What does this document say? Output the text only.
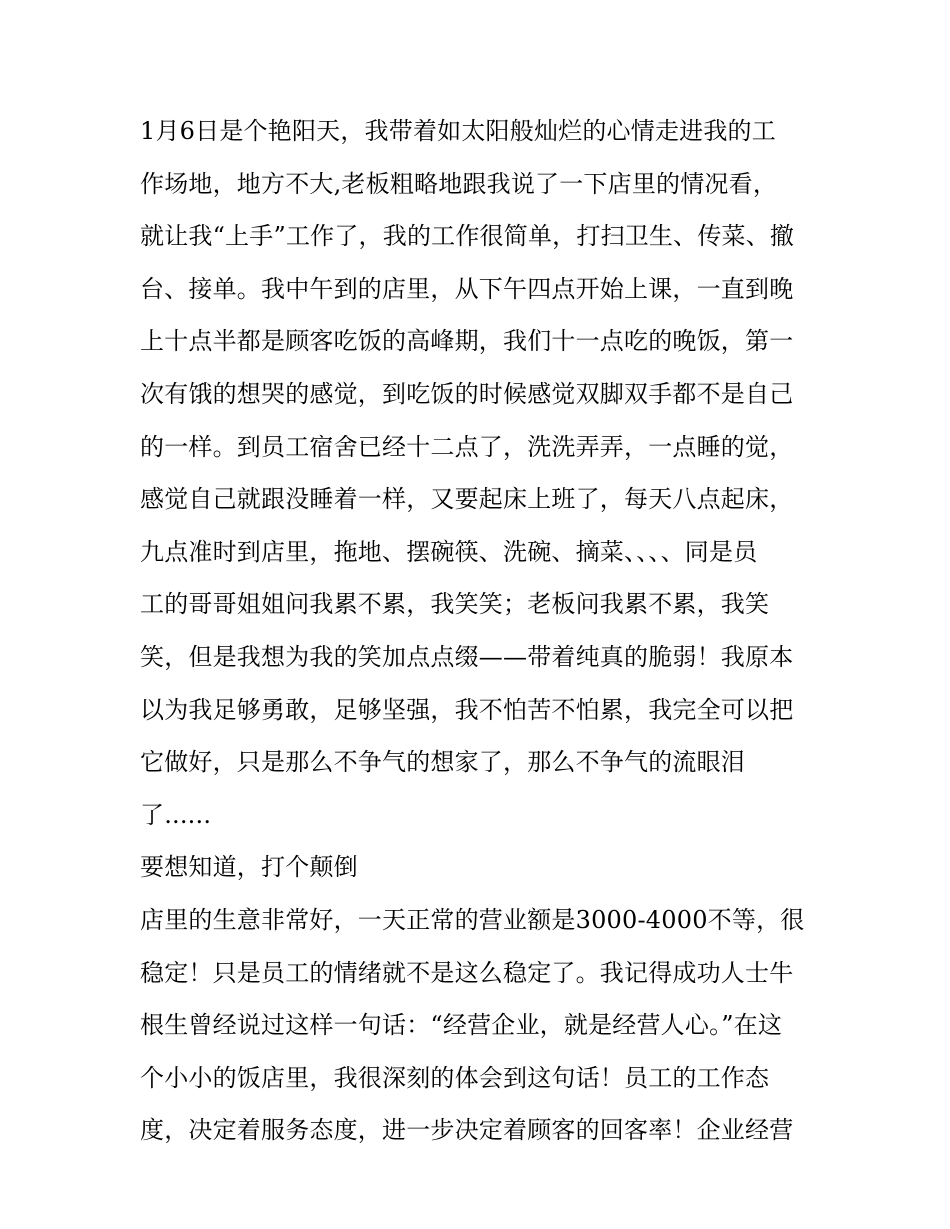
1月6日是个艳阳天，我带着如太阳般灿烂的心情走进我的工
作场地，地方不大,老板粗略地跟我说了一下店里的情况看，
就让我“上手”工作了，我的工作很简单，打扫卫生、传菜、撤
台、接单。我中午到的店里，从下午四点开始上课，一直到晚
上十点半都是顾客吃饭的高峰期，我们十一点吃的晚饭，第一
次有饿的想哭的感觉，到吃饭的时候感觉双脚双手都不是自己
的一样。到员工宿舍已经十二点了，洗洗弄弄，一点睡的觉，
感觉自己就跟没睡着一样，又要起床上班了，每天八点起床，
九点准时到店里，拖地、摆碗筷、洗碗、摘菜、、、、同是员
工的哥哥姐姐问我累不累，我笑笑；老板问我累不累，我笑
笑，但是我想为我的笑加点点缀——带着纯真的脆弱！我原本
以为我足够勇敢，足够坚强，我不怕苦不怕累，我完全可以把
它做好，只是那么不争气的想家了，那么不争气的流眼泪
了......
要想知道，打个颠倒
店里的生意非常好，一天正常的营业额是3000-4000不等，很
稳定！只是员工的情绪就不是这么稳定了。我记得成功人士牛
根生曾经说过这样一句话：“经营企业，就是经营人心。”在这
个小小的饭店里，我很深刻的体会到这句话！员工的工作态
度，决定着服务态度，进一步决定着顾客的回客率！企业经营
